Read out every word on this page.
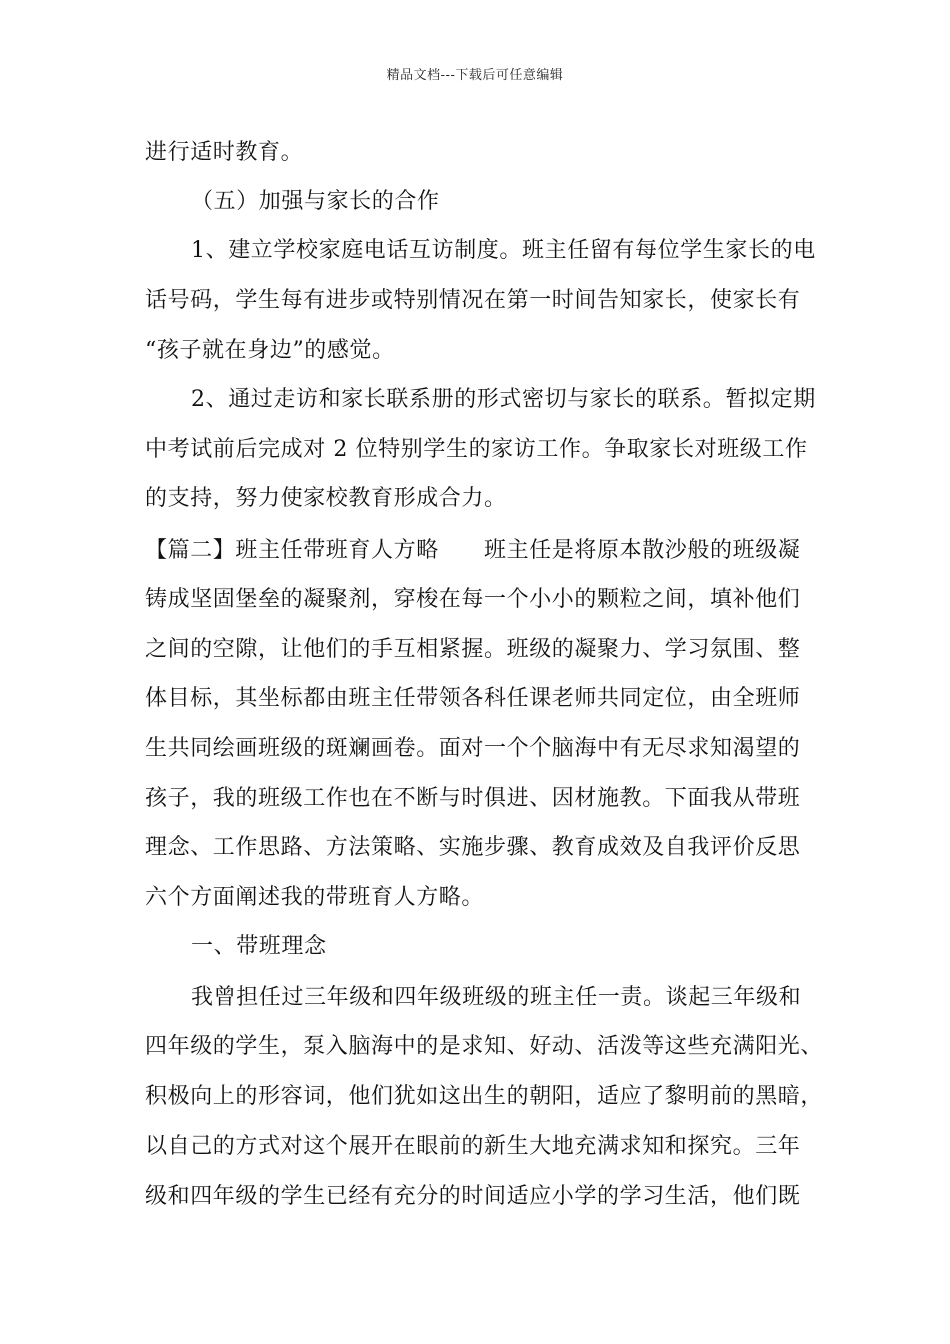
精品文档---下载后可任意编辑
进行适时教育。
（五）加强与家长的合作
1、建立学校家庭电话互访制度。班主任留有每位学生家长的电
话号码，学生每有进步或特别情况在第一时间告知家长，使家长有
“孩子就在身边”的感觉。
2、通过走访和家长联系册的形式密切与家长的联系。暂拟定期
中考试前后完成对 2 位特别学生的家访工作。争取家长对班级工作
的支持，努力使家校教育形成合力。
【篇二】班主任带班育人方略　　班主任是将原本散沙般的班级凝
铸成坚固堡垒的凝聚剂，穿梭在每一个小小的颗粒之间，填补他们
之间的空隙，让他们的手互相紧握。班级的凝聚力、学习氛围、整
体目标，其坐标都由班主任带领各科任课老师共同定位，由全班师
生共同绘画班级的斑斓画卷。面对一个个脑海中有无尽求知渴望的
孩子，我的班级工作也在不断与时俱进、因材施教。下面我从带班
理念、工作思路、方法策略、实施步骤、教育成效及自我评价反思
六个方面阐述我的带班育人方略。
一、带班理念
我曾担任过三年级和四年级班级的班主任一责。谈起三年级和
四年级的学生，泵入脑海中的是求知、好动、活泼等这些充满阳光、
积极向上的形容词，他们犹如这出生的朝阳，适应了黎明前的黑暗，
以自己的方式对这个展开在眼前的新生大地充满求知和探究。三年
级和四年级的学生已经有充分的时间适应小学的学习生活，他们既
